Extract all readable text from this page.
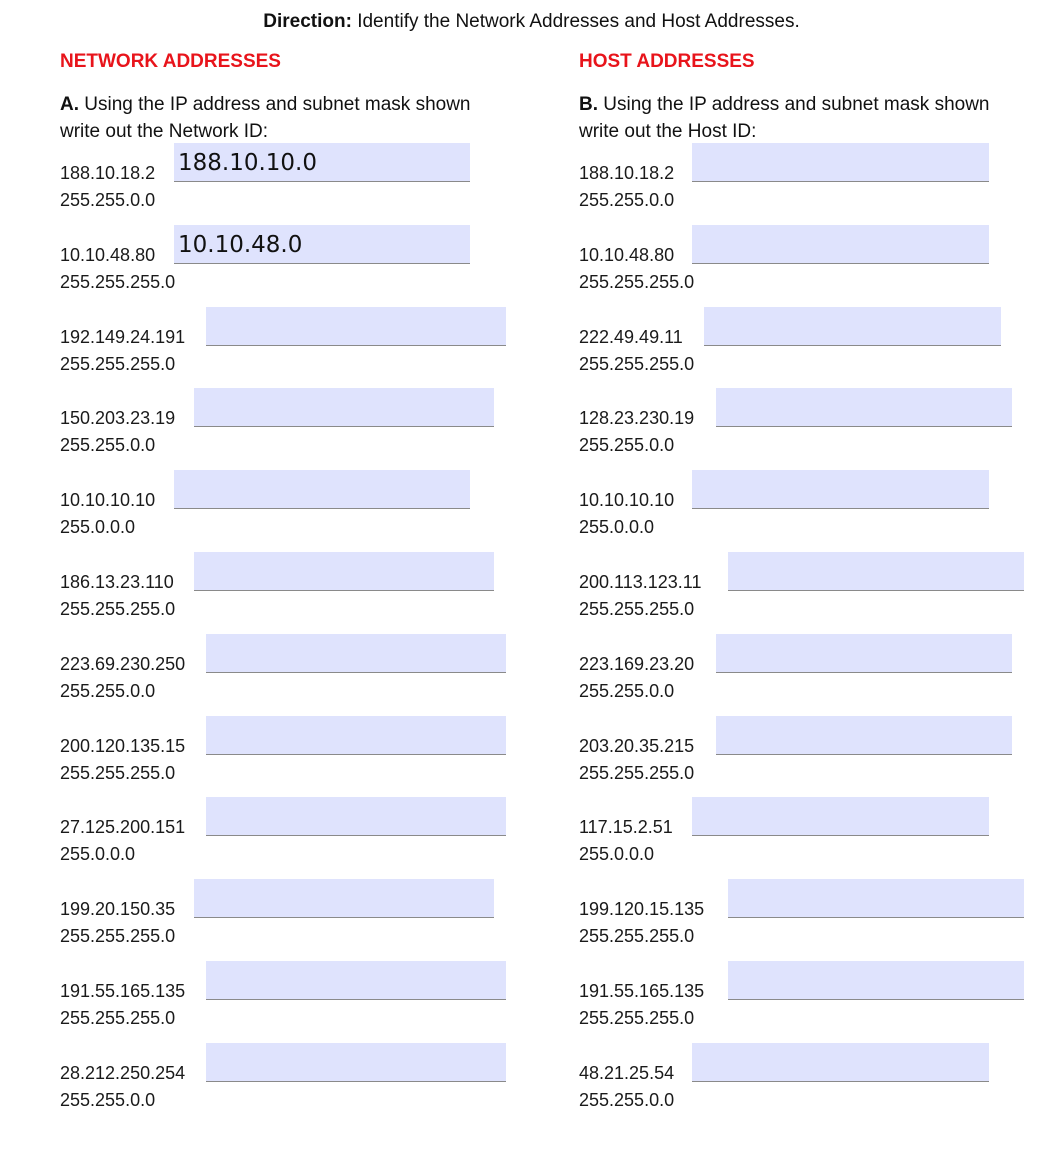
Direction: Identify the Network Addresses and Host Addresses.
NETWORK ADDRESSES	HOST ADDRESSES
A. Using the IP address and subnet mask shown write out the Network ID:
B. Using the IP address and subnet mask shown write out the Host ID:
188.10.18.2
188.10.10.0
255.255.0.0
10.10.48.80
10.10.48.0
255.255.255.0
192.149.24.191
255.255.255.0
150.203.23.19
255.255.0.0
10.10.10.10
255.0.0.0
186.13.23.110
255.255.255.0
223.69.230.250
255.255.0.0
200.120.135.15
255.255.255.0
27.125.200.151
255.0.0.0
199.20.150.35
255.255.255.0
191.55.165.135
255.255.255.0
28.212.250.254
255.255.0.0
188.10.18.2
255.255.0.0
10.10.48.80
255.255.255.0
222.49.49.11
255.255.255.0
128.23.230.19
255.255.0.0
10.10.10.10
255.0.0.0
200.113.123.11
255.255.255.0
223.169.23.20
255.255.0.0
203.20.35.215
255.255.255.0
117.15.2.51
255.0.0.0
199.120.15.135
255.255.255.0
191.55.165.135
255.255.255.0
48.21.25.54
255.255.0.0
